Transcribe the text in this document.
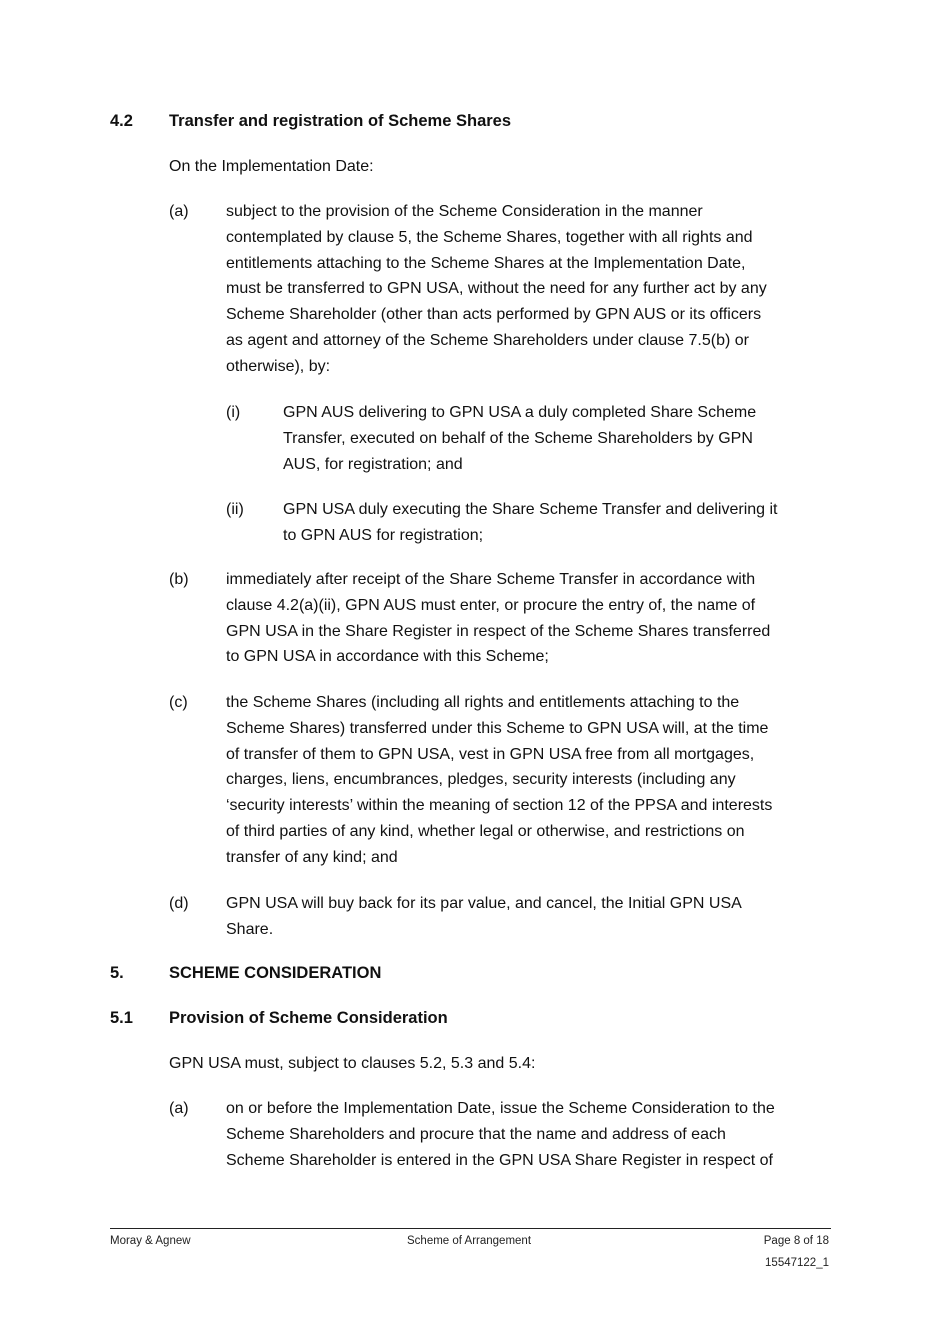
4.2 Transfer and registration of Scheme Shares
On the Implementation Date:
(a) subject to the provision of the Scheme Consideration in the manner
contemplated by clause 5, the Scheme Shares, together with all rights and
entitlements attaching to the Scheme Shares at the Implementation Date,
must be transferred to GPN USA, without the need for any further act by any
Scheme Shareholder (other than acts performed by GPN AUS or its officers
as agent and attorney of the Scheme Shareholders under clause 7.5(b) or
otherwise), by:
(i)	GPN AUS delivering to GPN USA a duly completed Share Scheme
Transfer, executed on behalf of the Scheme Shareholders by GPN
AUS, for registration; and
(ii) GPN USA duly executing the Share Scheme Transfer and delivering it
to GPN AUS for registration;
(b) immediately after receipt of the Share Scheme Transfer in accordance with
clause 4.2(a)(ii), GPN AUS must enter, or procure the entry of, the name of
GPN USA in the Share Register in respect of the Scheme Shares transferred
to GPN USA in accordance with this Scheme;
(c) the Scheme Shares (including all rights and entitlements attaching to the
Scheme Shares) transferred under this Scheme to GPN USA will, at the time
of transfer of them to GPN USA, vest in GPN USA free from all mortgages,
charges, liens, encumbrances, pledges, security interests (including any
‘security interests’ within the meaning of section 12 of the PPSA and interests
of third parties of any kind, whether legal or otherwise, and restrictions on
transfer of any kind; and
(d) GPN USA will buy back for its par value, and cancel, the Initial GPN USA
Share.
5.	SCHEME CONSIDERATION
5.1 Provision of Scheme Consideration
GPN USA must, subject to clauses 5.2, 5.3 and 5.4:
(a) on or before the Implementation Date, issue the Scheme Consideration to the
Scheme Shareholders and procure that the name and address of each
Scheme Shareholder is entered in the GPN USA Share Register in respect of
Moray & Agnew	Scheme of Arrangement	Page 8 of 18
15547122_1
